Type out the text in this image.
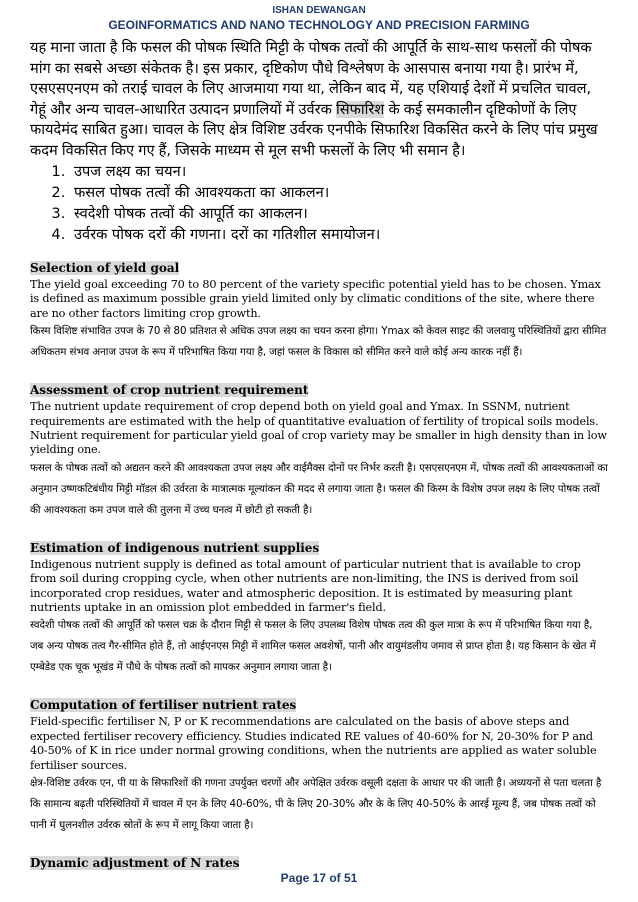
ISHAN DEWANGAN
GEOINFORMATICS AND NANO TECHNOLOGY AND PRECISION FARMING
यह माना जाता है कि फसल की पोषक स्थिति मिट्टी के पोषक तत्वों की आपूर्ति के साथ-साथ फसलों की पोषक मांग का सबसे अच्छा संकेतक है। इस प्रकार, दृष्टिकोण पौधे विश्लेषण के आसपास बनाया गया है। प्रारंभ में, एसएसएनएम को तराई चावल के लिए आजमाया गया था, लेकिन बाद में, यह एशियाई देशों में प्रचलित चावल, गेहूं और अन्य चावल-आधारित उत्पादन प्रणालियों में उर्वरक सिफारिश के कई समकालीन दृष्टिकोणों के लिए फायदेमंद साबित हुआ। चावल के लिए क्षेत्र विशिष्ट उर्वरक एनपीके सिफारिश विकसित करने के लिए पांच प्रमुख कदम विकसित किए गए हैं, जिसके माध्यम से मूल सभी फसलों के लिए भी समान है।
1. उपज लक्ष्य का चयन।
2. फसल पोषक तत्वों की आवश्यकता का आकलन।
3. स्वदेशी पोषक तत्वों की आपूर्ति का आकलन।
4. उर्वरक पोषक दरों की गणना। दरों का गतिशील समायोजन।
Selection of yield goal
The yield goal exceeding 70 to 80 percent of the variety specific potential yield has to be chosen. Ymax is defined as maximum possible grain yield limited only by climatic conditions of the site, where there are no other factors limiting crop growth.
किस्म विशिष्ट संभावित उपज के 70 से 80 प्रतिशत से अधिक उपज लक्ष्य का चयन करना होगा। Ymax को केवल साइट की जलवायु परिस्थितियों द्वारा सीमित अधिकतम संभव अनाज उपज के रूप में परिभाषित किया गया है, जहां फसल के विकास को सीमित करने वाले कोई अन्य कारक नहीं हैं।
Assessment of crop nutrient requirement
The nutrient update requirement of crop depend both on yield goal and Ymax. In SSNM, nutrient requirements are estimated with the help of quantitative evaluation of fertility of tropical soils models. Nutrient requirement for particular yield goal of crop variety may be smaller in high density than in low yielding one.
फसल के पोषक तत्वों को अद्यतन करने की आवश्यकता उपज लक्ष्य और वाईमैक्स दोनों पर निर्भर करती है। एसएसएनएम में, पोषक तत्वों की आवश्यकताओं का अनुमान उष्णकटिबंधीय मिट्टी मॉडल की उर्वरता के मात्रात्मक मूल्यांकन की मदद से लगाया जाता है। फसल की किस्म के विशेष उपज लक्ष्य के लिए पोषक तत्वों की आवश्यकता कम उपज वाले की तुलना में उच्च घनत्व में छोटी हो सकती है।
Estimation of indigenous nutrient supplies
Indigenous nutrient supply is defined as total amount of particular nutrient that is available to crop from soil during cropping cycle, when other nutrients are non-limiting, the INS is derived from soil incorporated crop residues, water and atmospheric deposition. It is estimated by measuring plant nutrients uptake in an omission plot embedded in farmer's field.
स्वदेशी पोषक तत्वों की आपूर्ति को फसल चक्र के दौरान मिट्टी से फसल के लिए उपलब्ध विशेष पोषक तत्व की कुल मात्रा के रूप में परिभाषित किया गया है, जब अन्य पोषक तत्व गैर-सीमित होते हैं, तो आईएनएस मिट्टी में शामिल फसल अवशेषों, पानी और वायुमंडलीय जमाव से प्राप्त होता है। यह किसान के खेत में एम्बेडेड एक चूक भूखंड में पौधे के पोषक तत्वों को मापकर अनुमान लगाया जाता है।
Computation of fertiliser nutrient rates
Field-specific fertiliser N, P or K recommendations are calculated on the basis of above steps and expected fertiliser recovery efficiency. Studies indicated RE values of 40-60% for N, 20-30% for P and 40-50% of K in rice under normal growing conditions, when the nutrients are applied as water soluble fertiliser sources.
क्षेत्र-विशिष्ट उर्वरक एन, पी या के सिफारिशों की गणना उपर्युक्त चरणों और अपेक्षित उर्वरक वसूली दक्षता के आधार पर की जाती है। अध्ययनों से पता चलता है कि सामान्य बढ़ती परिस्थितियों में चावल में एन के लिए 40-60%, पी के लिए 20-30% और के के लिए 40-50% के आरई मूल्य हैं, जब पोषक तत्वों को पानी में घुलनशील उर्वरक स्रोतों के रूप में लागू किया जाता है।
Dynamic adjustment of N rates
Page 17 of 51
